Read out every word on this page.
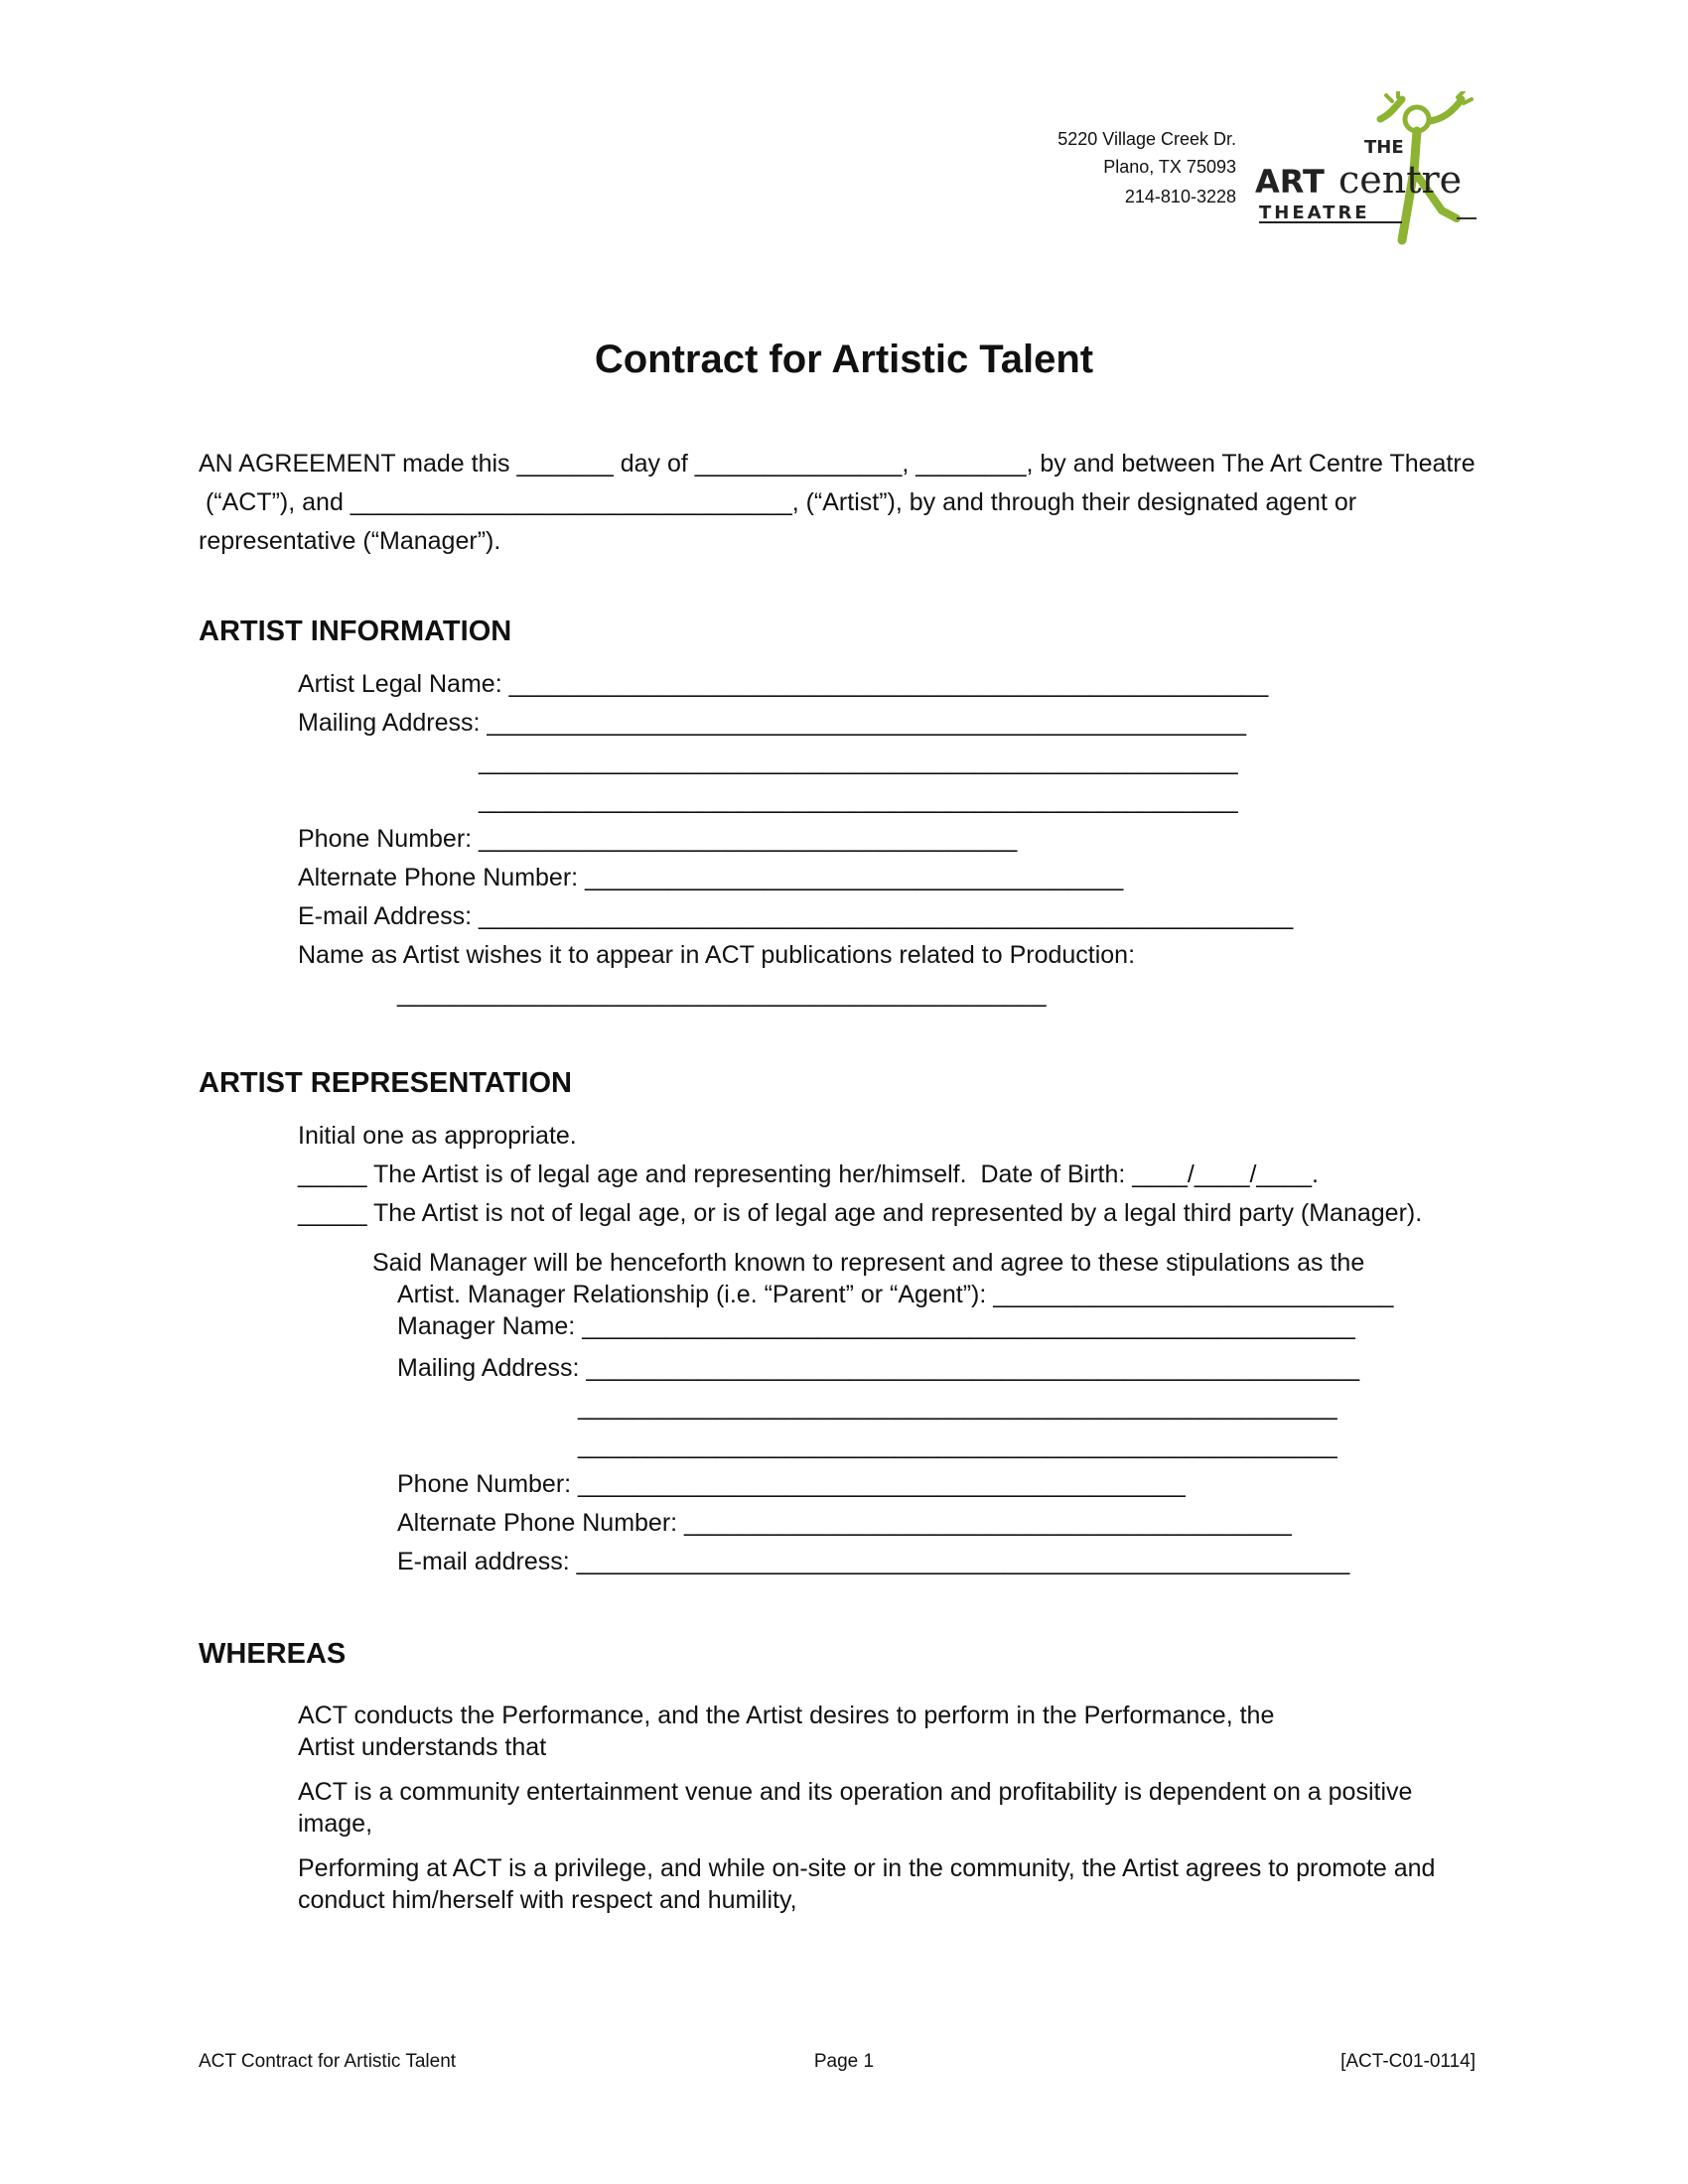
5220 Village Creek Dr.
Plano, TX 75093
214-810-3228
THE
ART centre
THEATRE
Contract for Artistic Talent
AN AGREEMENT made this _______ day of _______________, ________, by and between The Art Centre Theatre
(“ACT”), and ________________________________, (“Artist”), by and through their designated agent or
representative (“Manager”).
ARTIST INFORMATION
Artist Legal Name: _______________________________________________________
Mailing Address: _______________________________________________________
_______________________________________________________
_______________________________________________________
Phone Number: _______________________________________
Alternate Phone Number: _______________________________________
E-mail Address: ___________________________________________________________
Name as Artist wishes it to appear in ACT publications related to Production:
_______________________________________________
ARTIST REPRESENTATION
Initial one as appropriate.
_____ The Artist is of legal age and representing her/himself.  Date of Birth: ____/____/____.
_____ The Artist is not of legal age, or is of legal age and represented by a legal third party (Manager).
Said Manager will be henceforth known to represent and agree to these stipulations as the
Artist. Manager Relationship (i.e. “Parent” or “Agent”): _____________________________
Manager Name: ________________________________________________________
Mailing Address: ________________________________________________________
_______________________________________________________
_______________________________________________________
Phone Number: ____________________________________________
Alternate Phone Number: ____________________________________________
E-mail address: ________________________________________________________
WHEREAS
ACT conducts the Performance, and the Artist desires to perform in the Performance, the
Artist understands that
ACT is a community entertainment venue and its operation and profitability is dependent on a positive
image,
Performing at ACT is a privilege, and while on-site or in the community, the Artist agrees to promote and
conduct him/herself with respect and humility,
ACT Contract for Artistic Talent	Page 1	[ACT-C01-0114]
